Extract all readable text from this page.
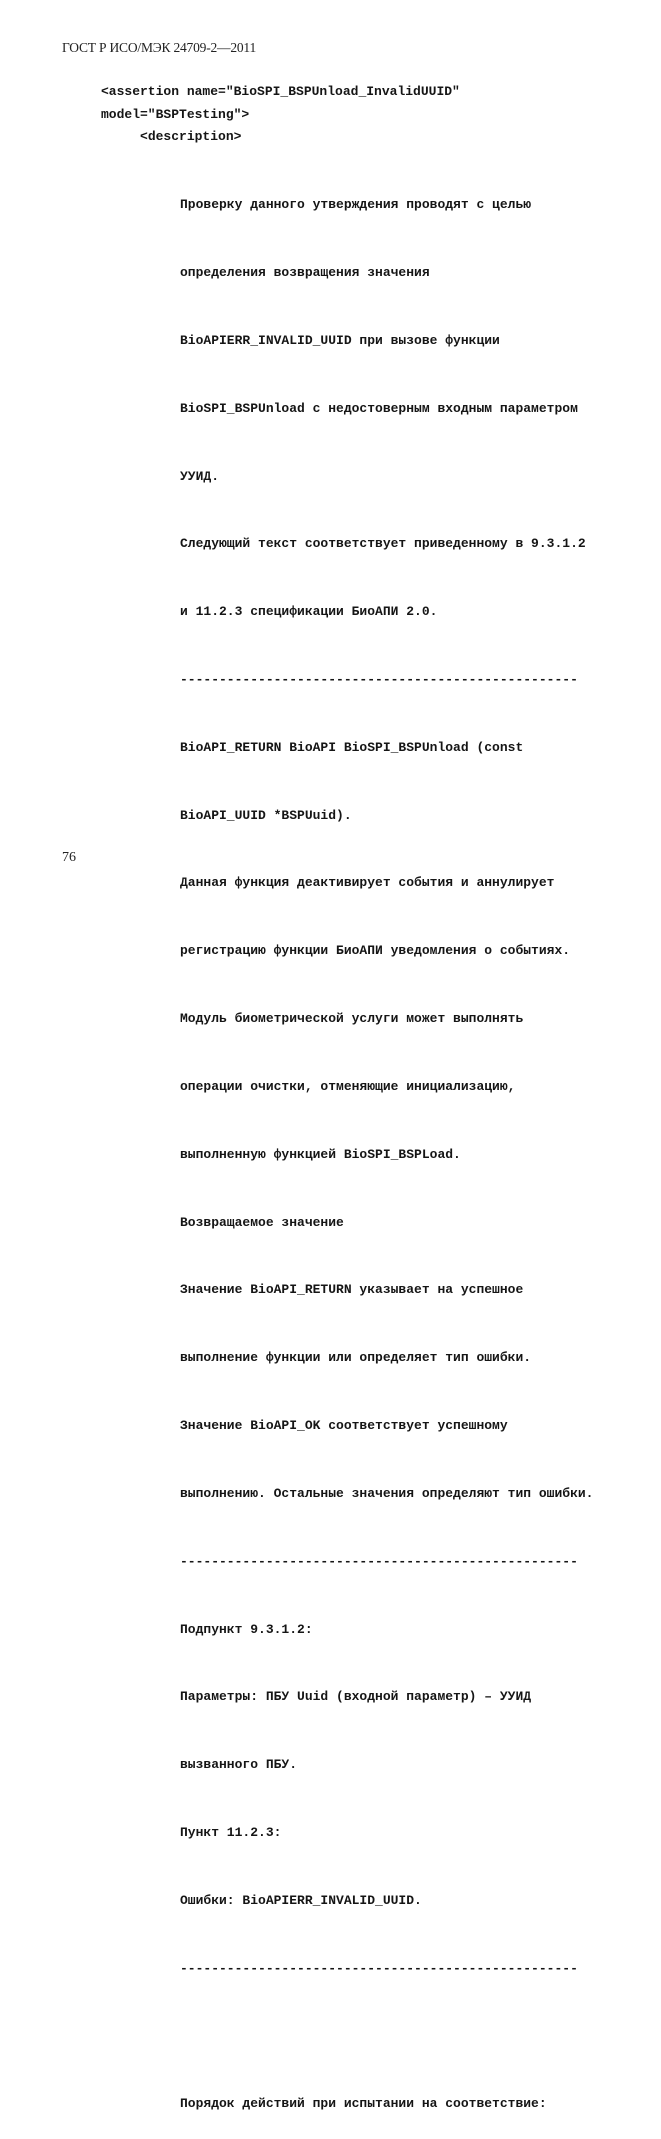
ГОСТ Р ИСО/МЭК 24709-2—2011
<assertion name="BioSPI_BSPUnload_InvalidUUID"
model="BSPTesting">
<description>

Проверку данного утверждения проводят с целью

определения возвращения значения

BioAPIERR_INVALID_UUID при вызове функции

BioSPI_BSPUnload с недостоверным входным параметром

УУИД.

Следующий текст соответствует приведенному в 9.3.1.2

и 11.2.3 спецификации БиоАПИ 2.0.

---------------------------------------------------

BioAPI_RETURN BioAPI BioSPI_BSPUnload (const

BioAPI_UUID *BSPUuid).

Данная функция деактивирует события и аннулирует

регистрацию функции БиоАПИ уведомления о событиях.

Модуль биометрической услуги может выполнять

операции очистки, отменяющие инициализацию,

выполненную функцией BioSPI_BSPLoad.

Возвращаемое значение

Значение BioAPI_RETURN указывает на успешное

выполнение функции или определяет тип ошибки.

Значение BioAPI_OK соответствует успешному

выполнению. Остальные значения определяют тип ошибки.

---------------------------------------------------

Подпункт 9.3.1.2:

Параметры: ПБУ Uuid (входной параметр) – УУИД

вызванного ПБУ.

Пункт 11.2.3:

Ошибки: BioAPIERR_INVALID_UUID.

---------------------------------------------------

Порядок действий при испытании на соответствие:

76
